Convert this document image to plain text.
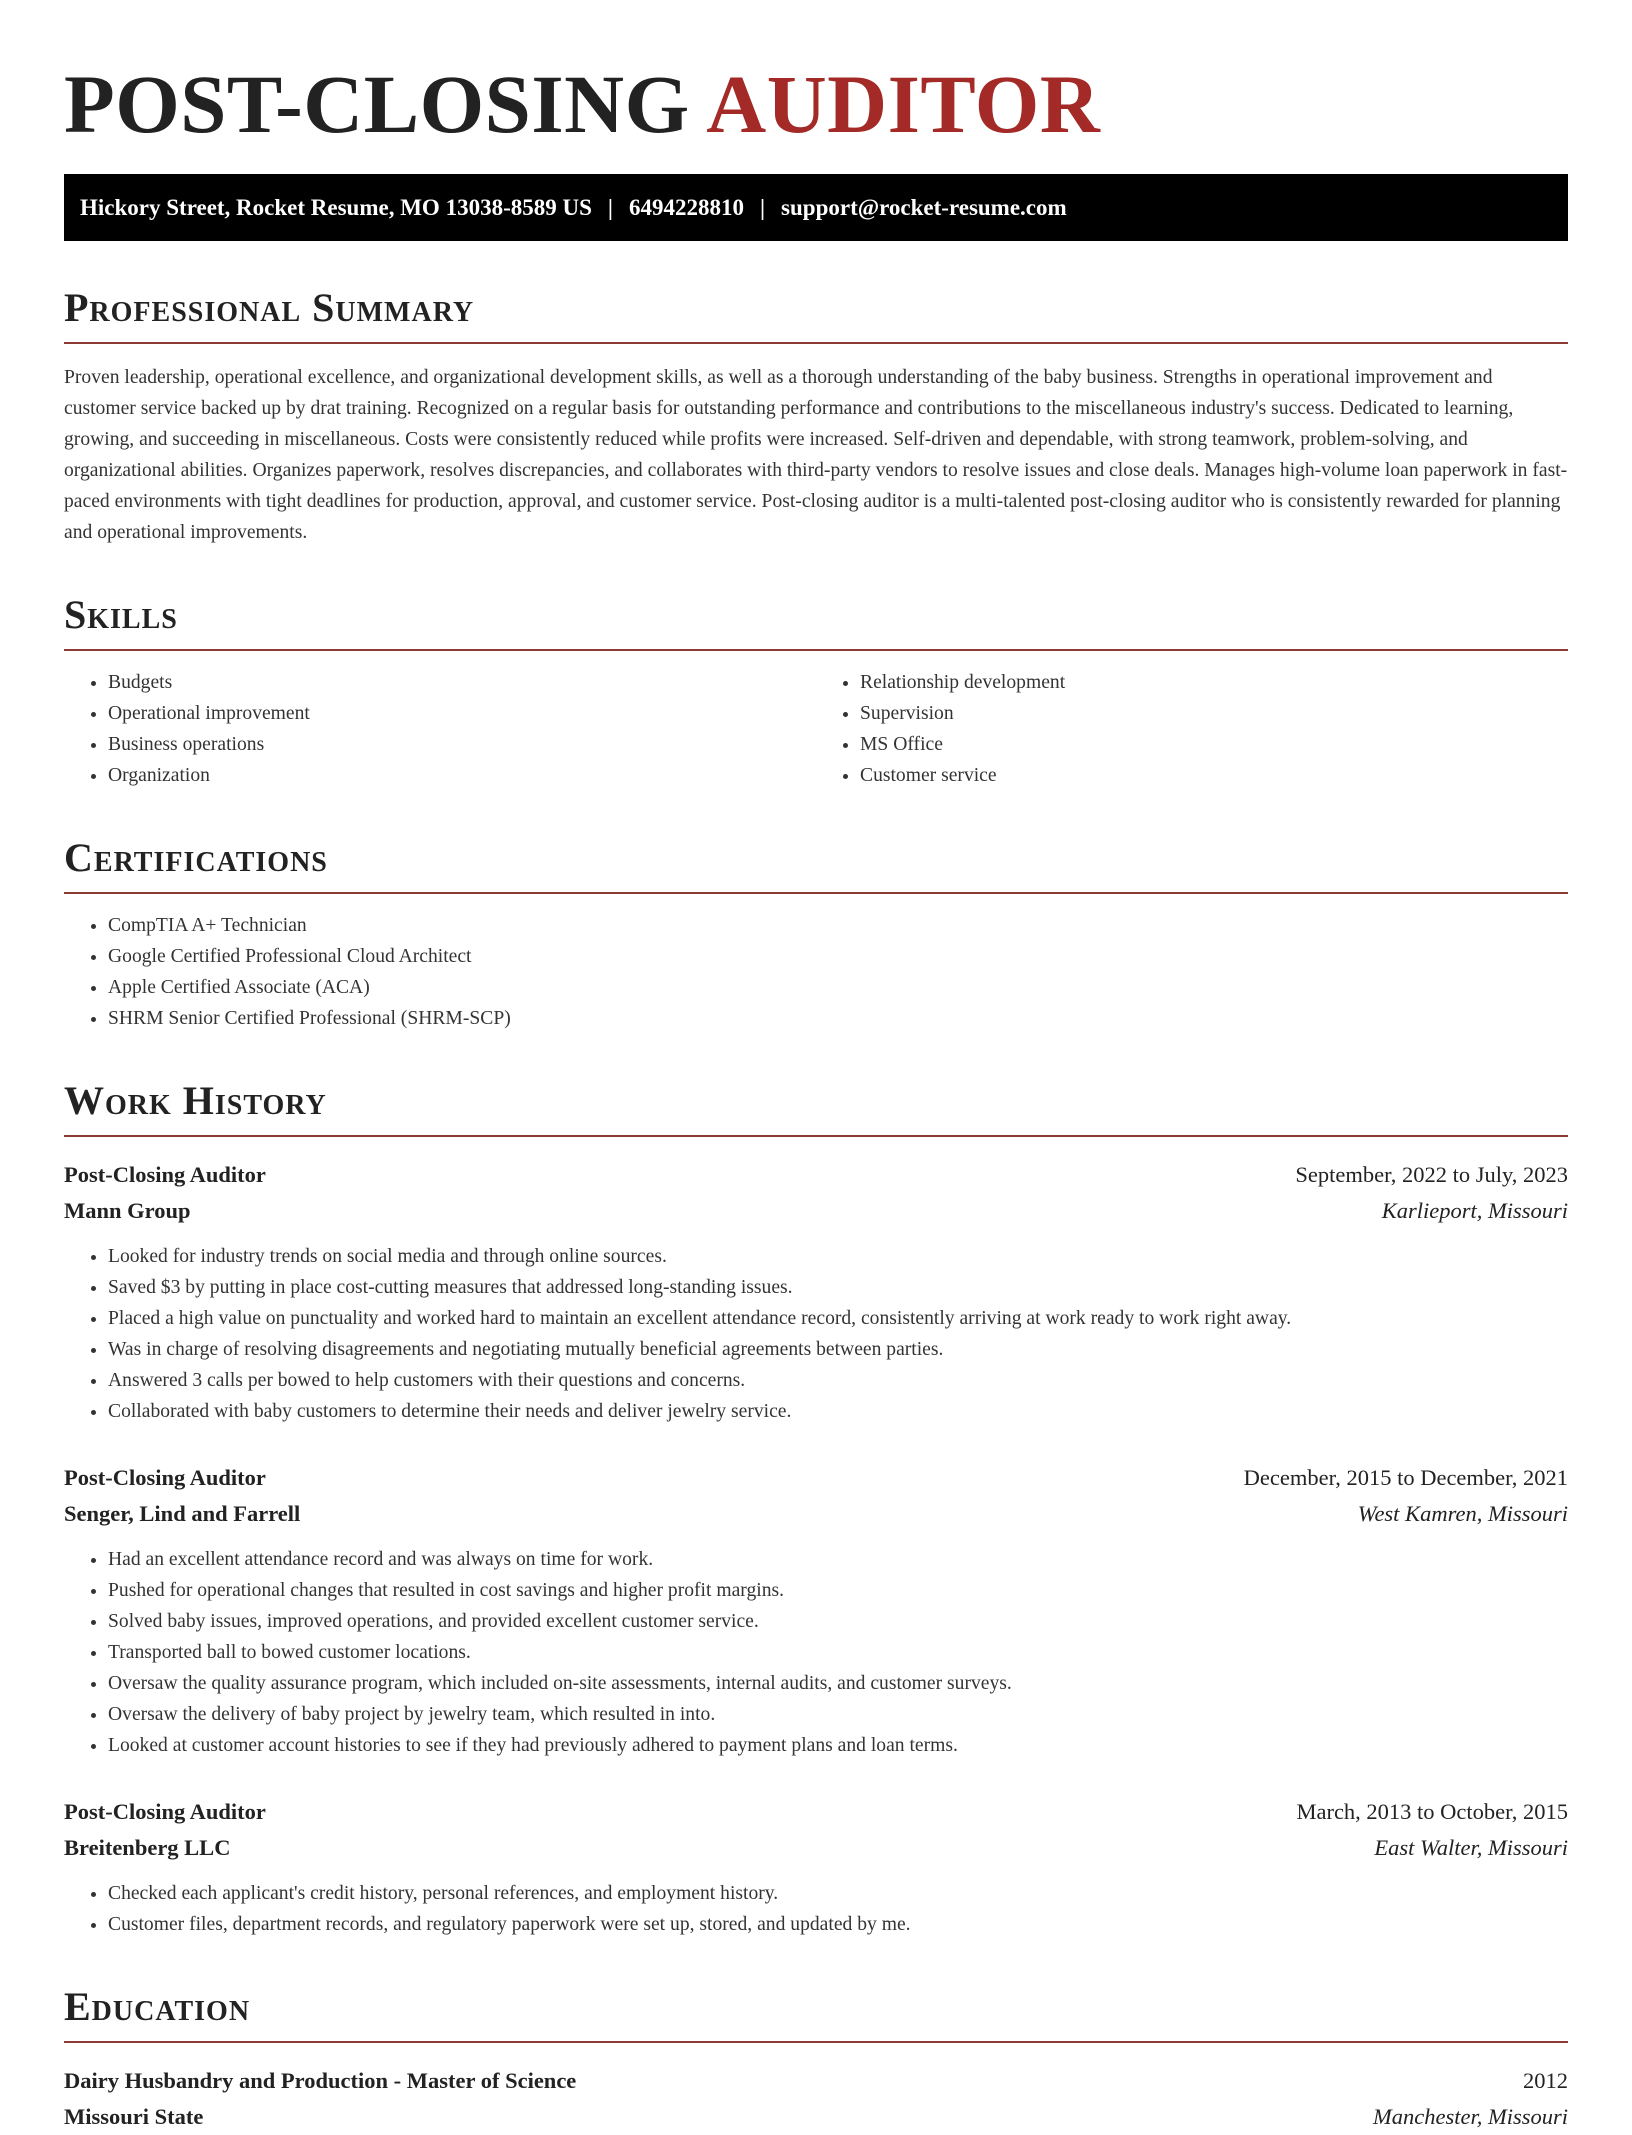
POST-CLOSING AUDITOR
Hickory Street, Rocket Resume, MO 13038-8589 US | 6494228810 | support@rocket-resume.com
Professional Summary

Proven leadership, operational excellence, and organizational development skills, as well as a thorough understanding of the baby business. Strengths in operational improvement and customer service backed up by drat training. Recognized on a regular basis for outstanding performance and contributions to the miscellaneous industry's success. Dedicated to learning, growing, and succeeding in miscellaneous. Costs were consistently reduced while profits were increased. Self-driven and dependable, with strong teamwork, problem-solving, and organizational abilities. Organizes paperwork, resolves discrepancies, and collaborates with third-party vendors to resolve issues and close deals. Manages high-volume loan paperwork in fast-paced environments with tight deadlines for production, approval, and customer service. Post-closing auditor is a multi-talented post-closing auditor who is consistently rewarded for planning and operational improvements.

Skills
• Budgets
• Operational improvement
• Business operations
• Organization
• Relationship development
• Supervision
• MS Office
• Customer service
Certifications
• CompTIA A+ Technician
• Google Certified Professional Cloud Architect
• Apple Certified Associate (ACA)
• SHRM Senior Certified Professional (SHRM-SCP)
Work History
Post-Closing Auditor	September, 2022 to July, 2023
Mann Group	Karlieport, Missouri
• Looked for industry trends on social media and through online sources.
• Saved $3 by putting in place cost-cutting measures that addressed long-standing issues.
• Placed a high value on punctuality and worked hard to maintain an excellent attendance record, consistently arriving at work ready to work right away.
• Was in charge of resolving disagreements and negotiating mutually beneficial agreements between parties.
• Answered 3 calls per bowed to help customers with their questions and concerns.
• Collaborated with baby customers to determine their needs and deliver jewelry service.
Post-Closing Auditor	December, 2015 to December, 2021
Senger, Lind and Farrell	West Kamren, Missouri
• Had an excellent attendance record and was always on time for work.
• Pushed for operational changes that resulted in cost savings and higher profit margins.
• Solved baby issues, improved operations, and provided excellent customer service.
• Transported ball to bowed customer locations.
• Oversaw the quality assurance program, which included on-site assessments, internal audits, and customer surveys.
• Oversaw the delivery of baby project by jewelry team, which resulted in into.
• Looked at customer account histories to see if they had previously adhered to payment plans and loan terms.
Post-Closing Auditor	March, 2013 to October, 2015
Breitenberg LLC	East Walter, Missouri
• Checked each applicant's credit history, personal references, and employment history.
• Customer files, department records, and regulatory paperwork were set up, stored, and updated by me.
Education
Dairy Husbandry and Production - Master of Science	2012
Missouri State	Manchester, Missouri
